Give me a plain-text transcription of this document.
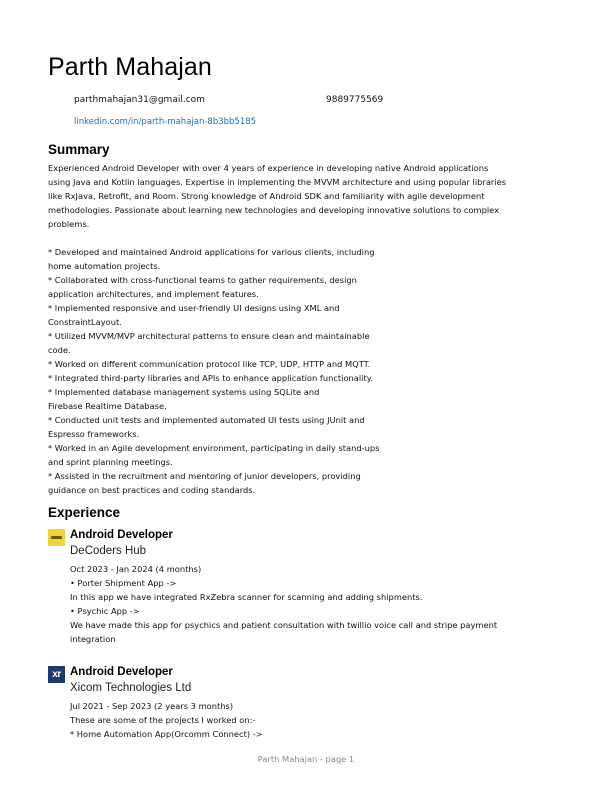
Parth Mahajan
parthmahajan31@gmail.com	9889775569
linkedin.com/in/parth-mahajan-8b3bb5185
Summary
Experienced Android Developer with over 4 years of experience in developing native Android applications
using Java and Kotlin languages. Expertise in implementing the MVVM architecture and using popular libraries
like RxJava, Retrofit, and Room. Strong knowledge of Android SDK and familiarity with agile development
methodologies. Passionate about learning new technologies and developing innovative solutions to complex
problems.
* Developed and maintained Android applications for various clients, including
home automation projects.
* Collaborated with cross-functional teams to gather requirements, design
application architectures, and implement features.
* Implemented responsive and user-friendly UI designs using XML and
ConstraintLayout.
* Utilized MVVM/MVP architectural patterns to ensure clean and maintainable
code.
* Worked on different communication protocol like TCP, UDP, HTTP and MQTT.
* Integrated third-party libraries and APIs to enhance application functionality.
* Implemented database management systems using SQLite and
Firebase Realtime Database.
* Conducted unit tests and implemented automated UI tests using JUnit and
Espresso frameworks.
* Worked in an Agile development environment, participating in daily stand-ups
and sprint planning meetings.
* Assisted in the recruitment and mentoring of junior developers, providing
guidance on best practices and coding standards.
Experience
Android Developer
DeCoders Hub
Oct 2023 - Jan 2024 (4 months)
• Porter Shipment App ->
In this app we have integrated RxZebra scanner for scanning and adding shipments.
• Psychic App ->
We have made this app for psychics and patient consultation with twillio voice call and stripe payment
integration
xr Android Developer
Xicom Technologies Ltd
Jul 2021 - Sep 2023 (2 years 3 months)
These are some of the projects I worked on:-
* Home Automation App(Orcomm Connect) ->
Parth Mahajan - page 1
